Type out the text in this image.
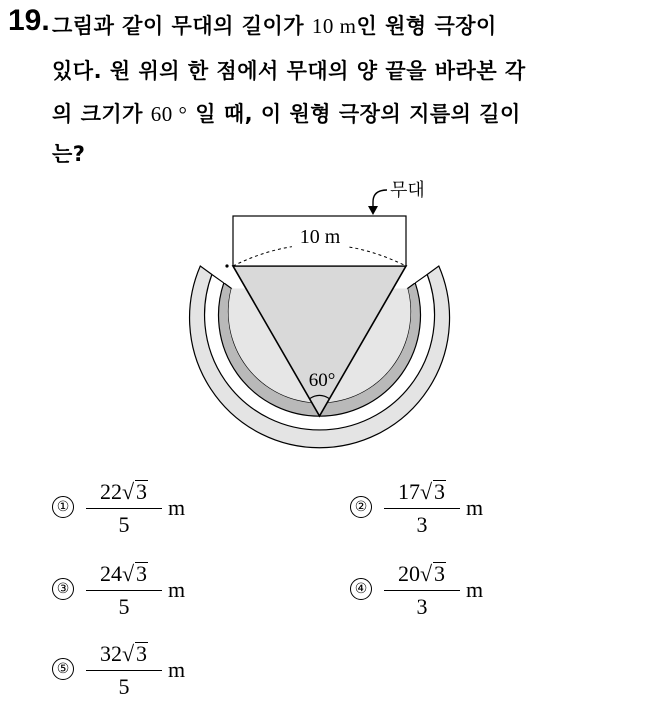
19. 그림과 같이 무대의 길이가 10 m인 원형 극장이
있다. 원 위의 한 점에서 무대의 양 끝을 바라본 각
의 크기가 60 ° 일 때, 이 원형 극장의 지름의 길이
는?
10 m
무대
60°
①
22√3
5
m	②
17√3
3
m
③
24√3
5
m	④
20√3
3
m
⑤
32√3
5
m
